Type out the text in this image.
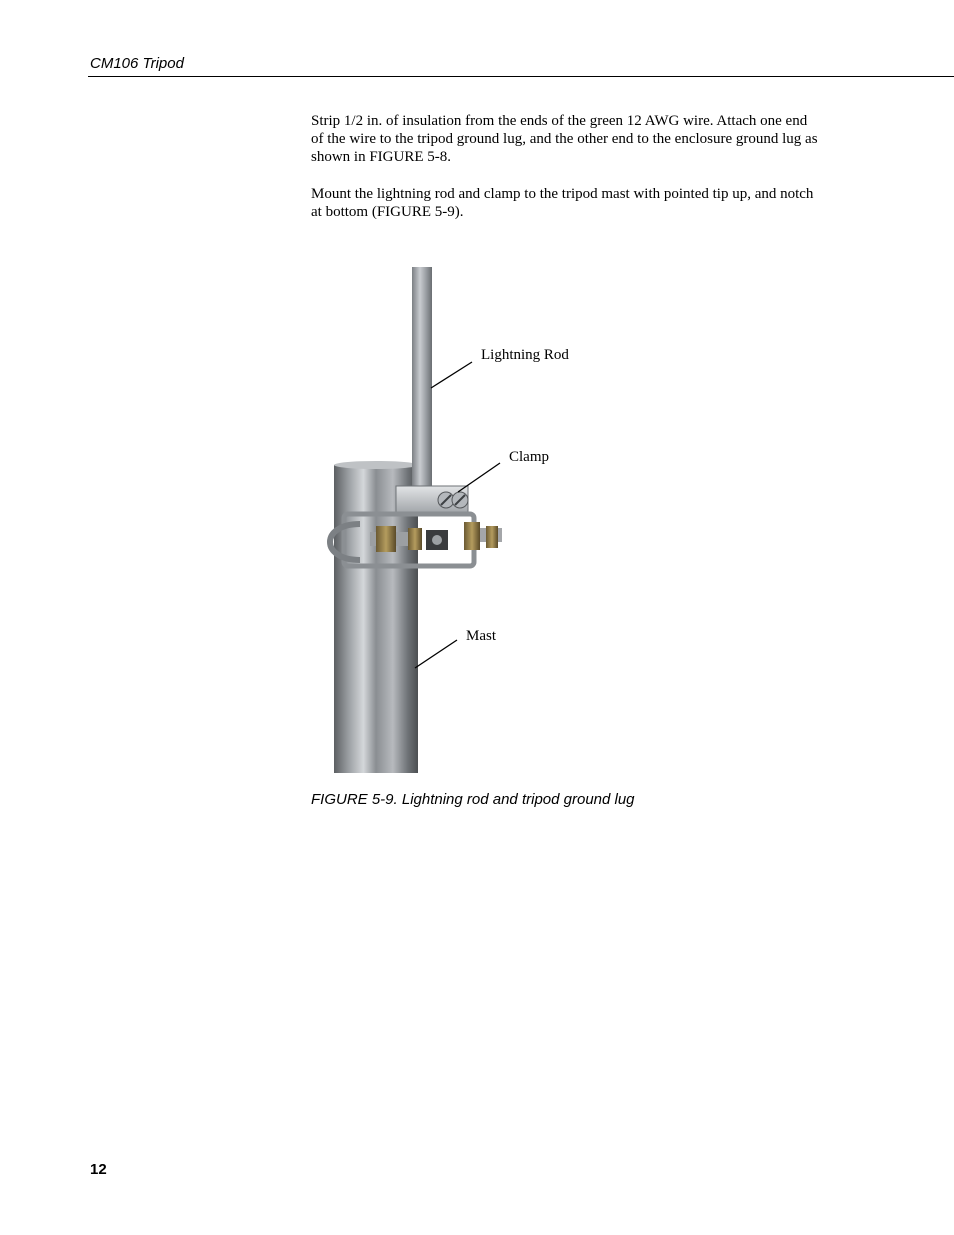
CM106 Tripod

Strip 1/2 in. of insulation from the ends of the green 12 AWG wire. Attach one end of the wire to the tripod ground lug, and the other end to the enclosure ground lug as shown in FIGURE 5-8.

Mount the lightning rod and clamp to the tripod mast with pointed tip up, and notch at bottom (FIGURE 5-9).

Lightning Rod
Clamp
Mast
FIGURE 5-9. Lightning rod and tripod ground lug
12
